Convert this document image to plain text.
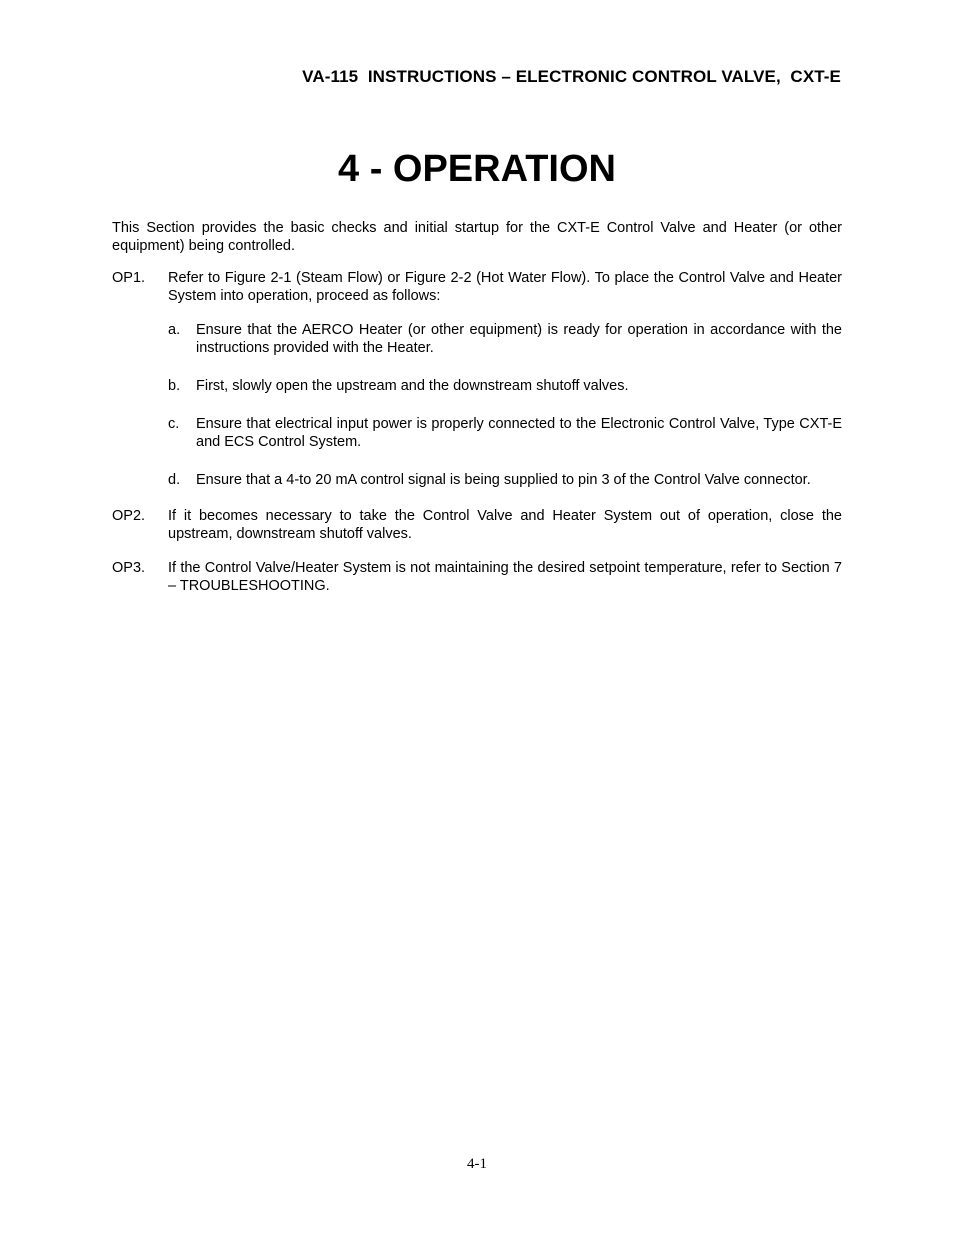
VA-115  INSTRUCTIONS – ELECTRONIC CONTROL VALVE,  CXT-E
4 - OPERATION

This Section provides the basic checks and initial startup for the CXT-E Control Valve and Heater (or other equipment) being controlled.

OP1.	Refer to Figure 2-1 (Steam Flow) or Figure 2-2 (Hot Water Flow). To place the Control Valve and Heater System into operation, proceed as follows:

a.	Ensure that the AERCO Heater (or other equipment) is ready for operation in accordance with the instructions provided with the Heater.
b.	First, slowly open the upstream and the downstream shutoff valves.
c.	Ensure that electrical input power is properly connected to the Electronic Control Valve, Type CXT-E and ECS Control System.
d.	Ensure that a 4-to 20 mA control signal is being supplied to pin 3 of the Control Valve connector.
OP2.	If it becomes necessary to take the Control Valve and Heater System out of operation, close the upstream, downstream shutoff valves.

OP3.	If the Control Valve/Heater System is not maintaining the desired setpoint temperature, refer to Section 7 – TROUBLESHOOTING.

4-1
